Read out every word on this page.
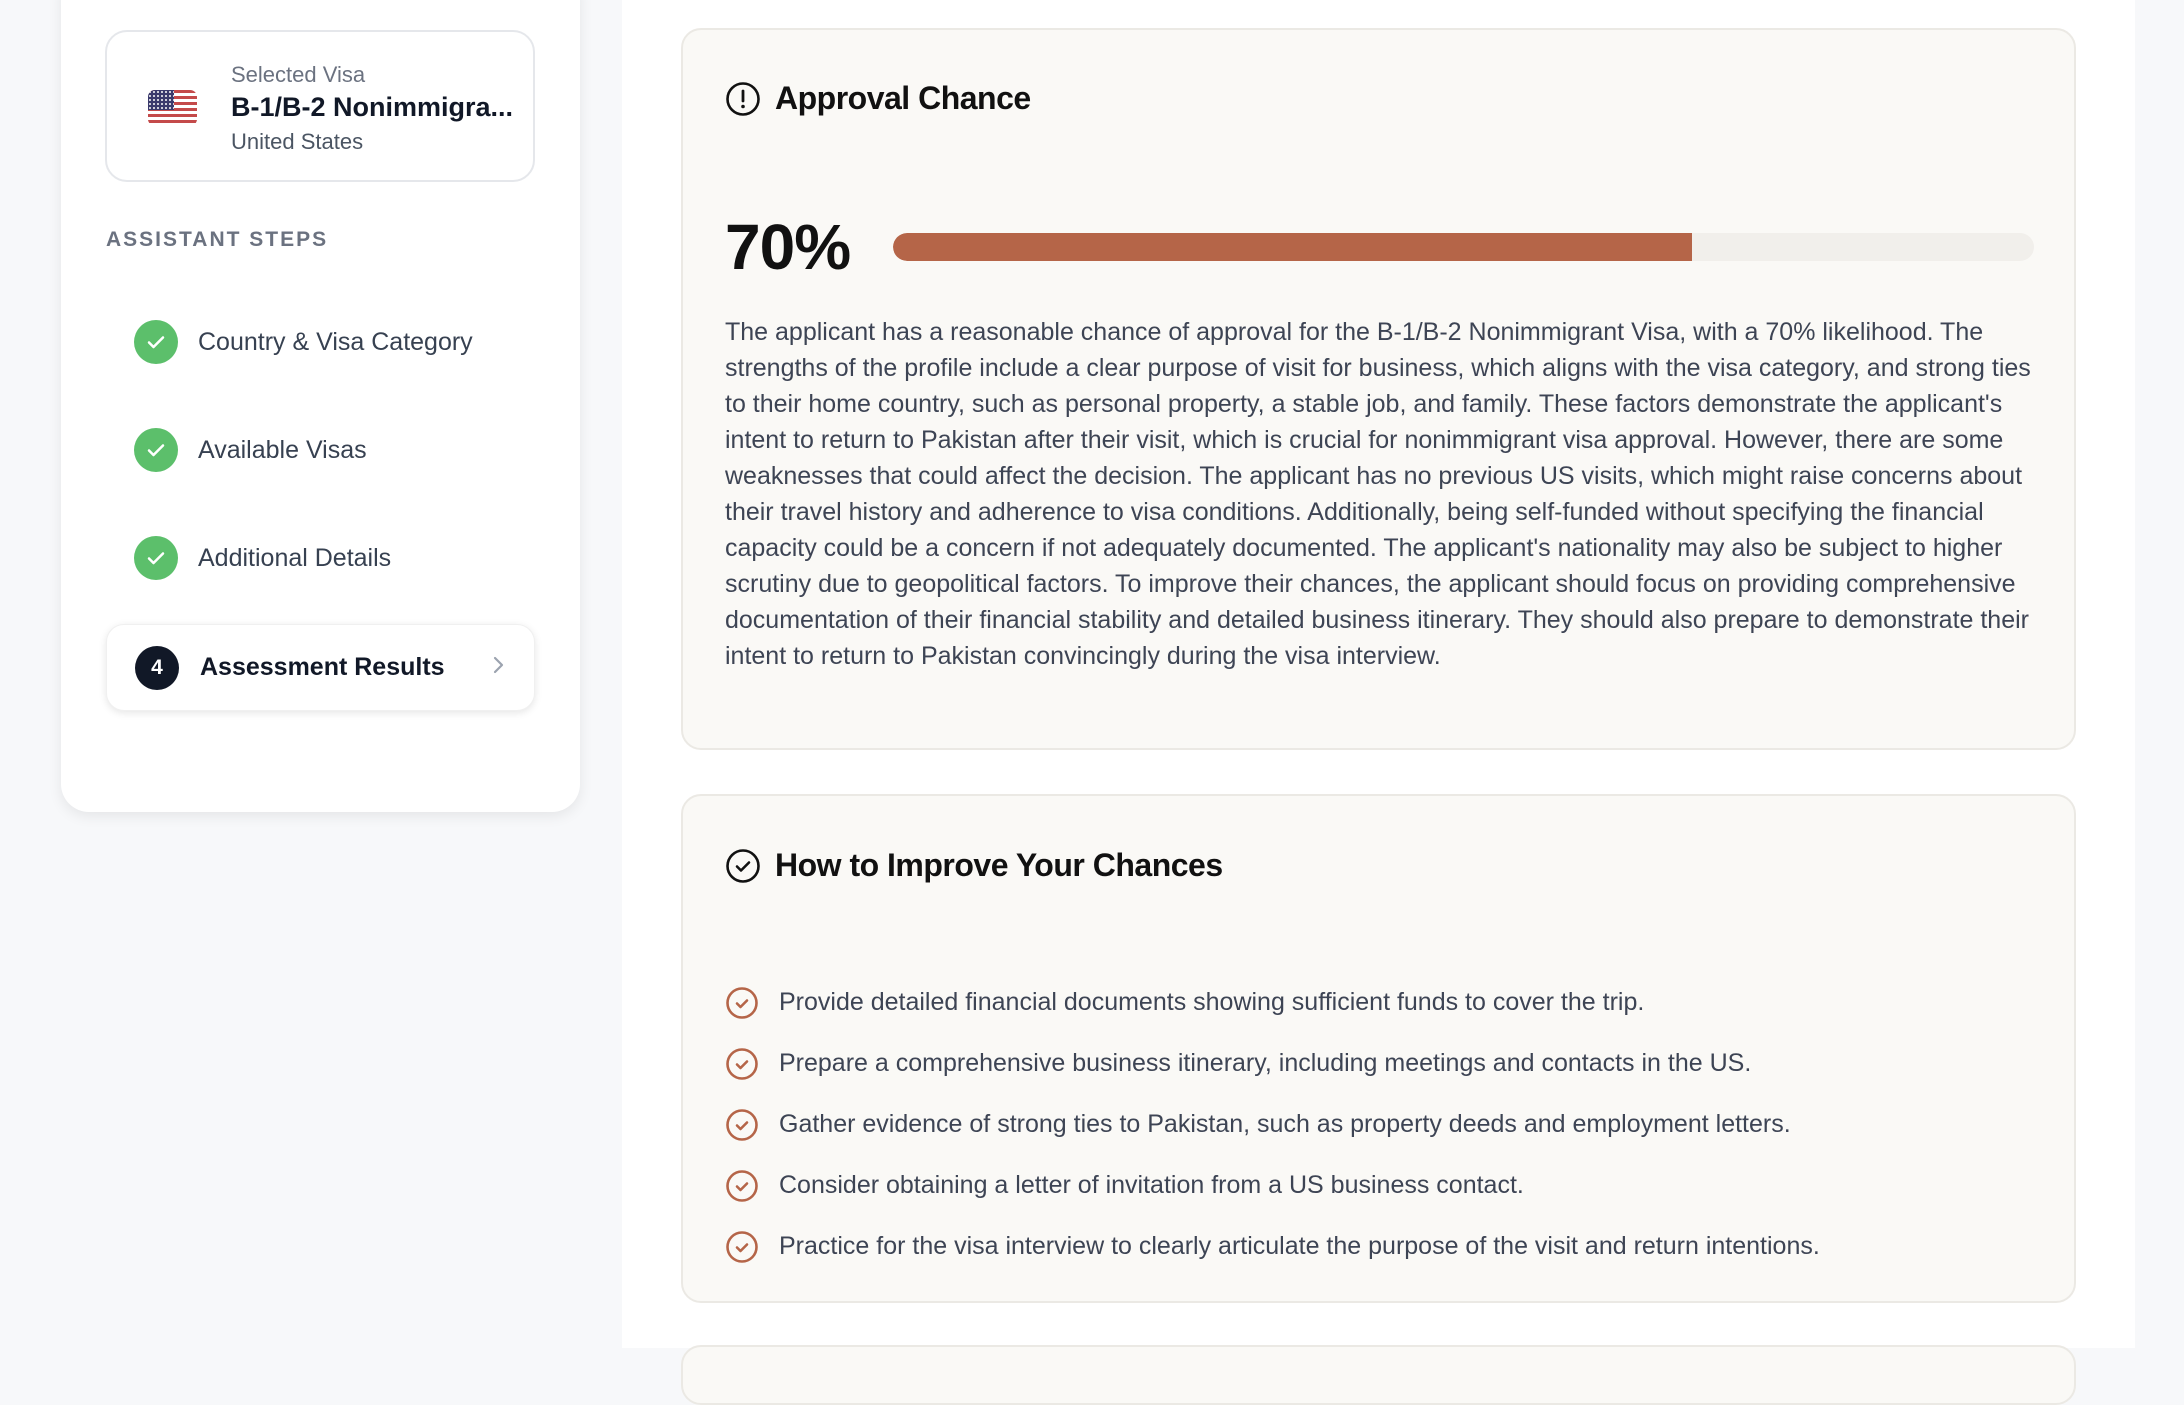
Selected Visa
B-1/B-2 Nonimmigra...
United States
ASSISTANT STEPS
Country & Visa Category
Available Visas
Additional Details
4	Assessment Results
Approval Chance
70%
The applicant has a reasonable chance of approval for the B-1/B-2 Nonimmigrant Visa, with a 70% likelihood. The strengths of the profile include a clear purpose of visit for business, which aligns with the visa category, and strong ties to their home country, such as personal property, a stable job, and family. These factors demonstrate the applicant's intent to return to Pakistan after their visit, which is crucial for nonimmigrant visa approval. However, there are some weaknesses that could affect the decision. The applicant has no previous US visits, which might raise concerns about their travel history and adherence to visa conditions. Additionally, being self-funded without specifying the financial capacity could be a concern if not adequately documented. The applicant's nationality may also be subject to higher scrutiny due to geopolitical factors. To improve their chances, the applicant should focus on providing comprehensive documentation of their financial stability and detailed business itinerary. They should also prepare to demonstrate their intent to return to Pakistan convincingly during the visa interview.
How to Improve Your Chances
Provide detailed financial documents showing sufficient funds to cover the trip.
Prepare a comprehensive business itinerary, including meetings and contacts in the US.
Gather evidence of strong ties to Pakistan, such as property deeds and employment letters.
Consider obtaining a letter of invitation from a US business contact.
Practice for the visa interview to clearly articulate the purpose of the visit and return intentions.
